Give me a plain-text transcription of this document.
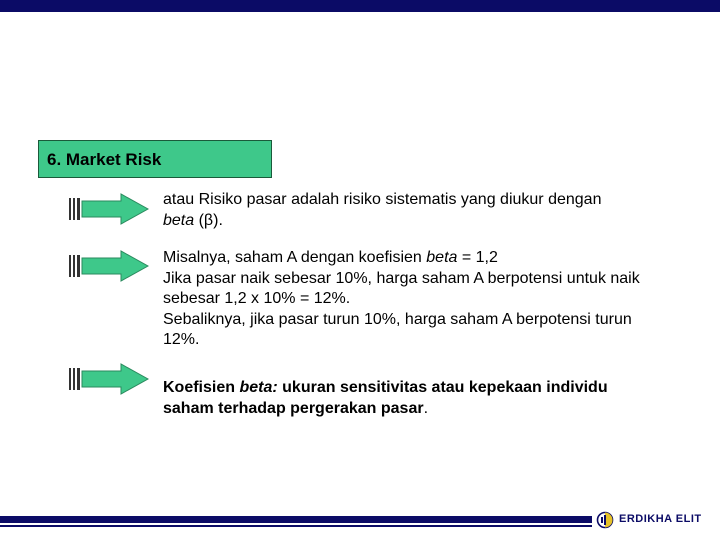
6. Market Risk
atau Risiko pasar adalah risiko sistematis yang diukur dengan
beta (β).
Misalnya, saham A dengan koefisien beta = 1,2
Jika pasar naik sebesar 10%, harga saham A berpotensi untuk naik
sebesar 1,2 x 10% = 12%.
Sebaliknya, jika pasar turun 10%, harga saham A berpotensi turun
12%.
Koefisien beta: ukuran sensitivitas atau kepekaan individu
saham terhadap pergerakan pasar.
ERDIKHA ELIT
